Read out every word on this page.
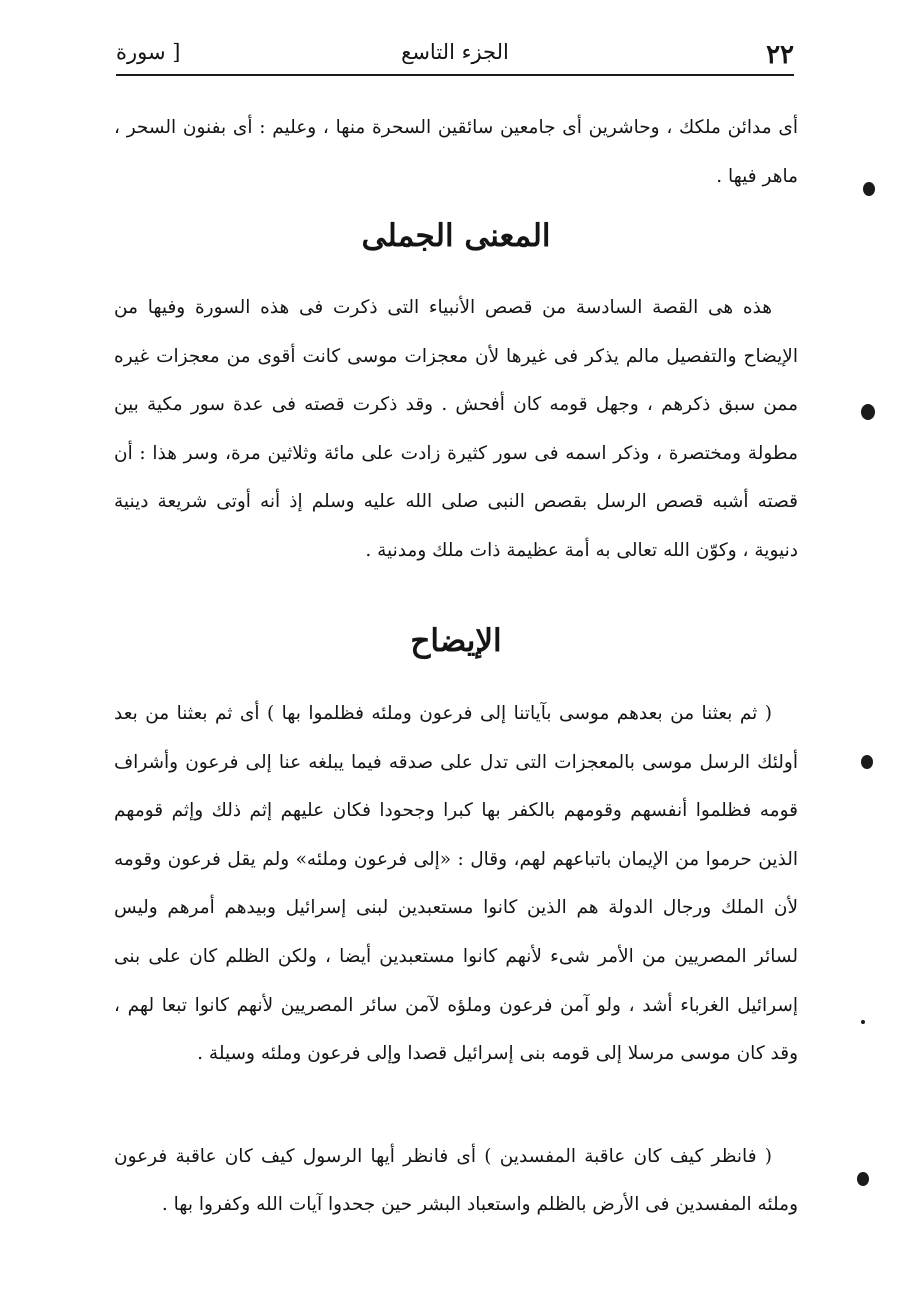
٢٢
الجزء التاسع
[ سورة

أى مدائن ملكك ، وحاشرين أى جامعين سائقين السحرة منها ، وعليم : أى بفنون السحر ، ماهر فيها .

المعنى الجملى

هذه هى القصة السادسة من قصص الأنبياء التى ذكرت فى هذه السورة وفيها من الإيضاح والتفصيل مالم يذكر فى غيرها لأن معجزات موسى كانت أقوى من معجزات غيره ممن سبق ذكرهم ، وجهل قومه كان أفحش . وقد ذكرت قصته فى عدة سور مكية بين مطولة ومختصرة ، وذكر اسمه فى سور كثيرة زادت على مائة وثلاثين مرة، وسر هذا : أن قصته أشبه قصص الرسل بقصص النبى صلى الله عليه وسلم إذ أنه أوتى شريعة دينية دنيوية ، وكوّن الله تعالى به أمة عظيمة ذات ملك ومدنية .

الإيضاح

( ثم بعثنا من بعدهم موسى بآياتنا إلى فرعون وملئه فظلموا بها ) أى ثم بعثنا من بعد أولئك الرسل موسى بالمعجزات التى تدل على صدقه فيما يبلغه عنا إلى فرعون وأشراف قومه فظلموا أنفسهم وقومهم بالكفر بها كبرا وجحودا فكان عليهم إثم ذلك وإثم قومهم الذين حرموا من الإيمان باتباعهم لهم، وقال : «إلى فرعون وملئه» ولم يقل فرعون وقومه لأن الملك ورجال الدولة هم الذين كانوا مستعبدين لبنى إسرائيل وبيدهم أمرهم وليس لسائر المصريين من الأمر شىء لأنهم كانوا مستعبدين أيضا ، ولكن الظلم كان على بنى إسرائيل الغرباء أشد ، ولو آمن فرعون وملؤه لآمن سائر المصريين لأنهم كانوا تبعا لهم ، وقد كان موسى مرسلا إلى قومه بنى إسرائيل قصدا وإلى فرعون وملئه وسيلة .

( فانظر كيف كان عاقبة المفسدين ) أى فانظر أيها الرسول كيف كان عاقبة فرعون وملئه المفسدين فى الأرض بالظلم واستعباد البشر حين جحدوا آيات الله وكفروا بها .
